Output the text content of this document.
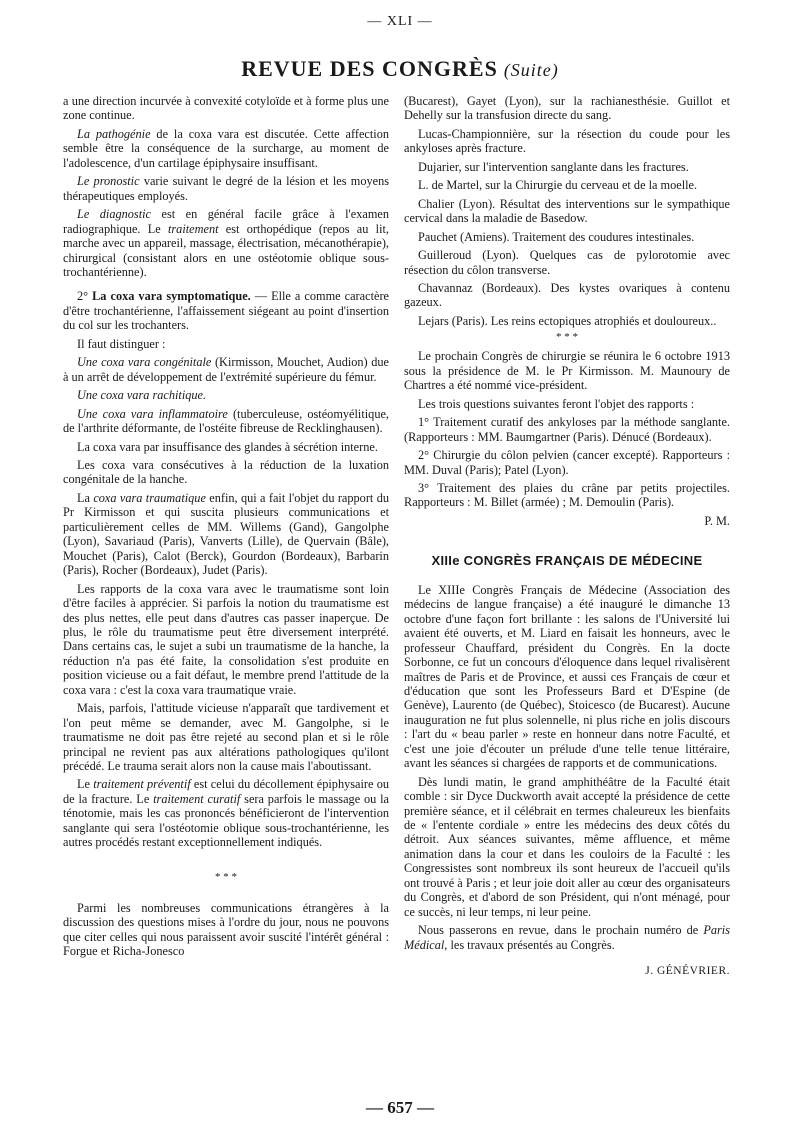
— XLI —
REVUE DES CONGRÈS (Suite)

a une direction incurvée à convexité cotyloïde et à forme plus une zone continue.

La pathogénie de la coxa vara est discutée. Cette affection semble être la conséquence de la surcharge, au moment de l'adolescence, d'un cartilage épiphysaire insuffisant.

Le pronostic varie suivant le degré de la lésion et les moyens thérapeutiques employés.

Le diagnostic est en général facile grâce à l'examen radiographique. Le traitement est orthopédique (repos au lit, marche avec un appareil, massage, électrisation, mécanothérapie), chirurgical (consistant alors en une ostéotomie oblique sous-trochantérienne).

2° La coxa vara symptomatique. — Elle a comme caractère d'être trochantérienne, l'affaissement siégeant au point d'insertion du col sur les trochanters.

Il faut distinguer :

Une coxa vara congénitale (Kirmisson, Mouchet, Audion) due à un arrêt de développement de l'extrémité supérieure du fémur.

Une coxa vara rachitique.

Une coxa vara inflammatoire (tuberculeuse, ostéomyélitique, de l'arthrite déformante, de l'ostéite fibreuse de Recklinghausen).

La coxa vara par insuffisance des glandes à sécrétion interne.

Les coxa vara consécutives à la réduction de la luxation congénitale de la hanche.

La coxa vara traumatique enfin, qui a fait l'objet du rapport du Pr Kirmisson et qui suscita plusieurs communications et particulièrement celles de MM. Willems (Gand), Gangolphe (Lyon), Savariaud (Paris), Vanverts (Lille), de Quervain (Bâle), Mouchet (Paris), Calot (Berck), Gourdon (Bordeaux), Barbarin (Paris), Rocher (Bordeaux), Judet (Paris).

Les rapports de la coxa vara avec le traumatisme sont loin d'être faciles à apprécier. Si parfois la notion du traumatisme est des plus nettes, elle peut dans d'autres cas passer inaperçue. De plus, le rôle du traumatisme peut être diversement interprété. Dans certains cas, le sujet a subi un traumatisme de la hanche, la réduction n'a pas été faite, la consolidation s'est produite en position vicieuse ou a fait défaut, le membre prend l'attitude de la coxa vara : c'est la coxa vara traumatique vraie.

Mais, parfois, l'attitude vicieuse n'apparaît que tardivement et l'on peut même se demander, avec M. Gangolphe, si le traumatisme ne doit pas être rejeté au second plan et si le rôle principal ne revient pas aux altérations pathologiques qu'ilont précédé. Le trauma serait alors non la cause mais l'aboutissant.

Le traitement préventif est celui du décollement épiphysaire ou de la fracture. Le traitement curatif sera parfois le massage ou la ténotomie, mais les cas prononcés bénéficieront de l'intervention sanglante qui sera l'ostéotomie oblique sous-trochantérienne, les autres procédés restant exceptionnellement indiqués.

* * *

Parmi les nombreuses communications étrangères à la discussion des questions mises à l'ordre du jour, nous ne pouvons que citer celles qui nous paraissent avoir suscité l'intérêt général : Forgue et Richa-Jonesco

(Bucarest), Gayet (Lyon), sur la rachianesthésie. Guillot et Dehelly sur la transfusion directe du sang.

Lucas-Championnière, sur la résection du coude pour les ankyloses après fracture.

Dujarier, sur l'intervention sanglante dans les fractures.

L. de Martel, sur la Chirurgie du cerveau et de la moelle.

Chalier (Lyon). Résultat des interventions sur le sympathique cervical dans la maladie de Basedow.

Pauchet (Amiens). Traitement des coudures intestinales.

Guilleroud (Lyon). Quelques cas de pylorotomie avec résection du côlon transverse.

Chavannaz (Bordeaux). Des kystes ovariques à contenu gazeux.

Lejars (Paris). Les reins ectopiques atrophiés et douloureux..

* * *

Le prochain Congrès de chirurgie se réunira le 6 octobre 1913 sous la présidence de M. le Pr Kirmisson. M. Maunoury de Chartres a été nommé vice-président.

Les trois questions suivantes feront l'objet des rapports :

1° Traitement curatif des ankyloses par la méthode sanglante. (Rapporteurs : MM. Baumgartner (Paris). Dénucé (Bordeaux).

2° Chirurgie du côlon pelvien (cancer excepté). Rapporteurs : MM. Duval (Paris); Patel (Lyon).

3° Traitement des plaies du crâne par petits projectiles. Rapporteurs : M. Billet (armée) ; M. Demoulin (Paris).

P. M.

XIIIe CONGRÈS FRANÇAIS DE MÉDECINE

Le XIIIe Congrès Français de Médecine (Association des médecins de langue française) a été inauguré le dimanche 13 octobre d'une façon fort brillante : les salons de l'Université lui avaient été ouverts, et M. Liard en faisait les honneurs, avec le professeur Chauffard, président du Congrès. En la docte Sorbonne, ce fut un concours d'éloquence dans lequel rivalisèrent maîtres de Paris et de Province, et aussi ces Français de cœur et d'éducation que sont les Professeurs Bard et D'Espine (de Genève), Laurento (de Québec), Stoicesco (de Bucarest). Aucune inauguration ne fut plus solennelle, ni plus riche en jolis discours : l'art du « beau parler » reste en honneur dans notre Faculté, et c'est une joie d'écouter un prélude d'une telle tenue littéraire, avant les séances si chargées de rapports et de communications.

Dès lundi matin, le grand amphithéâtre de la Faculté était comble : sir Dyce Duckworth avait accepté la présidence de cette première séance, et il célébrait en termes chaleureux les bienfaits de « l'entente cordiale » entre les médecins des deux côtés du détroit. Aux séances suivantes, même affluence, et même animation dans la cour et dans les couloirs de la Faculté : les Congressistes sont nombreux ils sont heureux de l'accueil qu'ils ont trouvé à Paris ; et leur joie doit aller au cœur des organisateurs du Congrès, et d'abord de son Président, qui n'ont ménagé, pour ce succès, ni leur temps, ni leur peine.

Nous passerons en revue, dans le prochain numéro de Paris Médical, les travaux présentés au Congrès.

J. GÉNÉVRIER.
— 657 —
